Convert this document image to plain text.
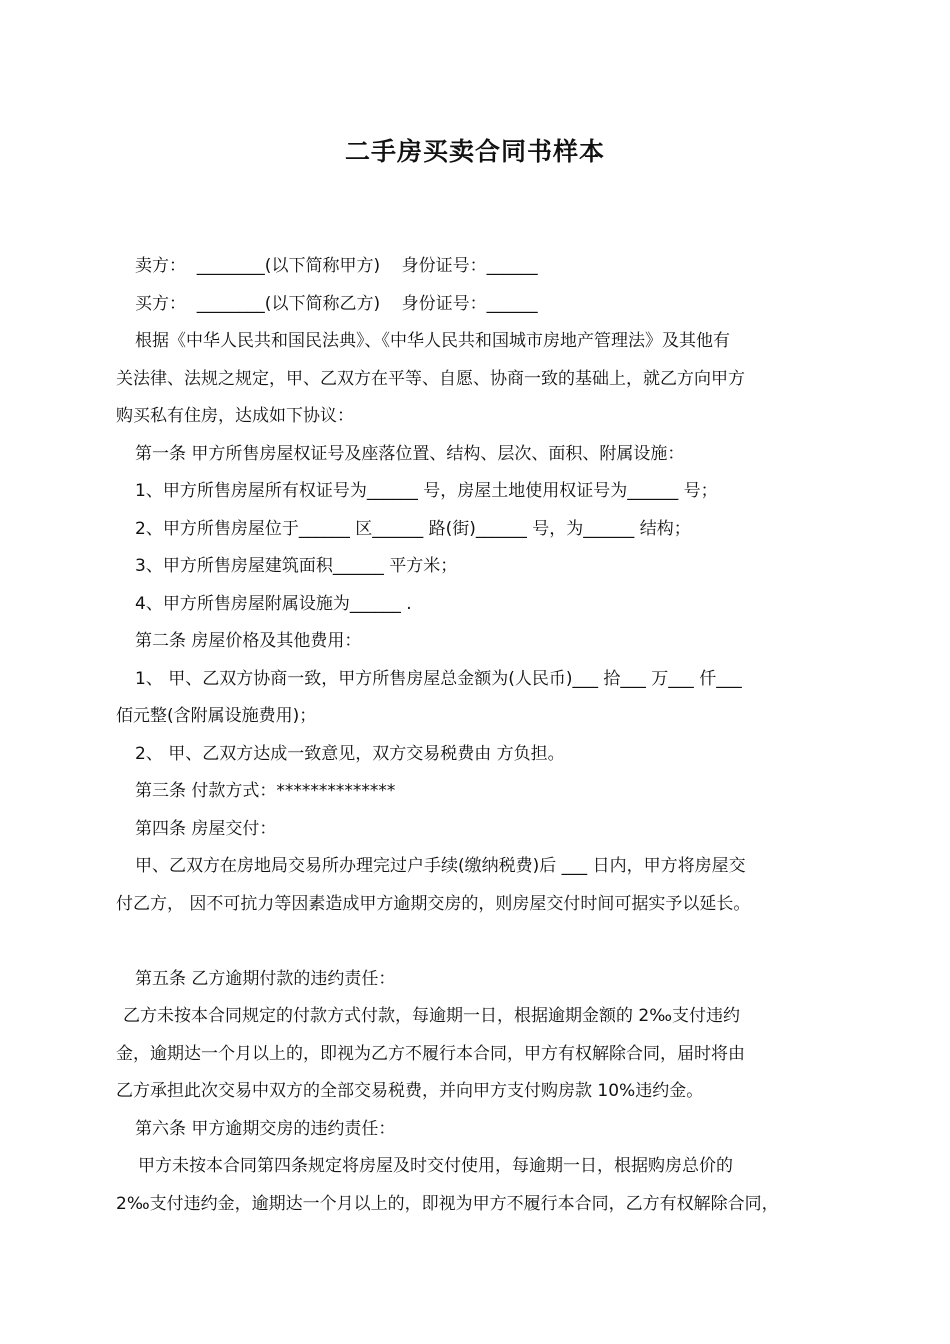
二手房买卖合同书样本

卖方：  ________(以下简称甲方)    身份证号：______

买方：  ________(以下简称乙方)    身份证号：______

根据《中华人民共和国民法典》、《中华人民共和国城市房地产管理法》及其他有

关法律、法规之规定，甲、乙双方在平等、自愿、协商一致的基础上，就乙方向甲方

购买私有住房，达成如下协议：

第一条 甲方所售房屋权证号及座落位置、结构、层次、面积、附属设施：

1、甲方所售房屋所有权证号为______ 号，房屋土地使用权证号为______ 号；

2、甲方所售房屋位于______ 区______ 路(街)______ 号，为______ 结构；

3、甲方所售房屋建筑面积______ 平方米；

4、甲方所售房屋附属设施为______ .

第二条 房屋价格及其他费用：

1、 甲、乙双方协商一致，甲方所售房屋总金额为(人民币)___ 拾___ 万___ 仟___

佰元整(含附属设施费用)；

2、 甲、乙双方达成一致意见，双方交易税费由 方负担。

第三条 付款方式：**************

第四条 房屋交付：

甲、乙双方在房地局交易所办理完过户手续(缴纳税费)后 ___ 日内，甲方将房屋交

付乙方， 因不可抗力等因素造成甲方逾期交房的，则房屋交付时间可据实予以延长。

第五条 乙方逾期付款的违约责任：

乙方未按本合同规定的付款方式付款，每逾期一日，根据逾期金额的 2‰支付违约

金，逾期达一个月以上的，即视为乙方不履行本合同，甲方有权解除合同，届时将由

乙方承担此次交易中双方的全部交易税费，并向甲方支付购房款 10%违约金。

第六条 甲方逾期交房的违约责任：

甲方未按本合同第四条规定将房屋及时交付使用，每逾期一日，根据购房总价的

2‰支付违约金，逾期达一个月以上的，即视为甲方不履行本合同，乙方有权解除合同，
